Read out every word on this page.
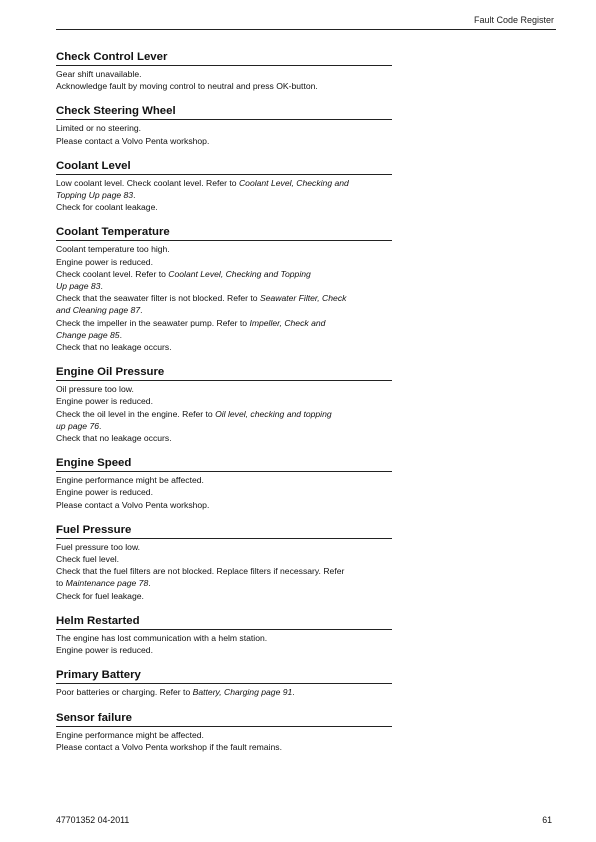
Fault Code Register
Check Control Lever

Gear shift unavailable.

Acknowledge fault by moving control to neutral and press OK-button.

Check Steering Wheel

Limited or no steering.

Please contact a Volvo Penta workshop.

Coolant Level

Low coolant level. Check coolant level. Refer to Coolant Level, Checking and

Topping Up page 83.

Check for coolant leakage.

Coolant Temperature

Coolant temperature too high.

Engine power is reduced.

Check coolant level. Refer to Coolant Level, Checking and Topping

Up page 83.

Check that the seawater filter is not blocked. Refer to Seawater Filter, Check

and Cleaning page 87.

Check the impeller in the seawater pump. Refer to Impeller, Check and

Change page 85.

Check that no leakage occurs.

Engine Oil Pressure

Oil pressure too low.

Engine power is reduced.

Check the oil level in the engine. Refer to Oil level, checking and topping

up page 76.

Check that no leakage occurs.

Engine Speed

Engine performance might be affected.

Engine power is reduced.

Please contact a Volvo Penta workshop.

Fuel Pressure

Fuel pressure too low.

Check fuel level.

Check that the fuel filters are not blocked. Replace filters if necessary. Refer

to Maintenance page 78.

Check for fuel leakage.

Helm Restarted

The engine has lost communication with a helm station.

Engine power is reduced.

Primary Battery

Poor batteries or charging. Refer to Battery, Charging page 91.

Sensor failure

Engine performance might be affected.

Please contact a Volvo Penta workshop if the fault remains.

47701352 04-2011	61
